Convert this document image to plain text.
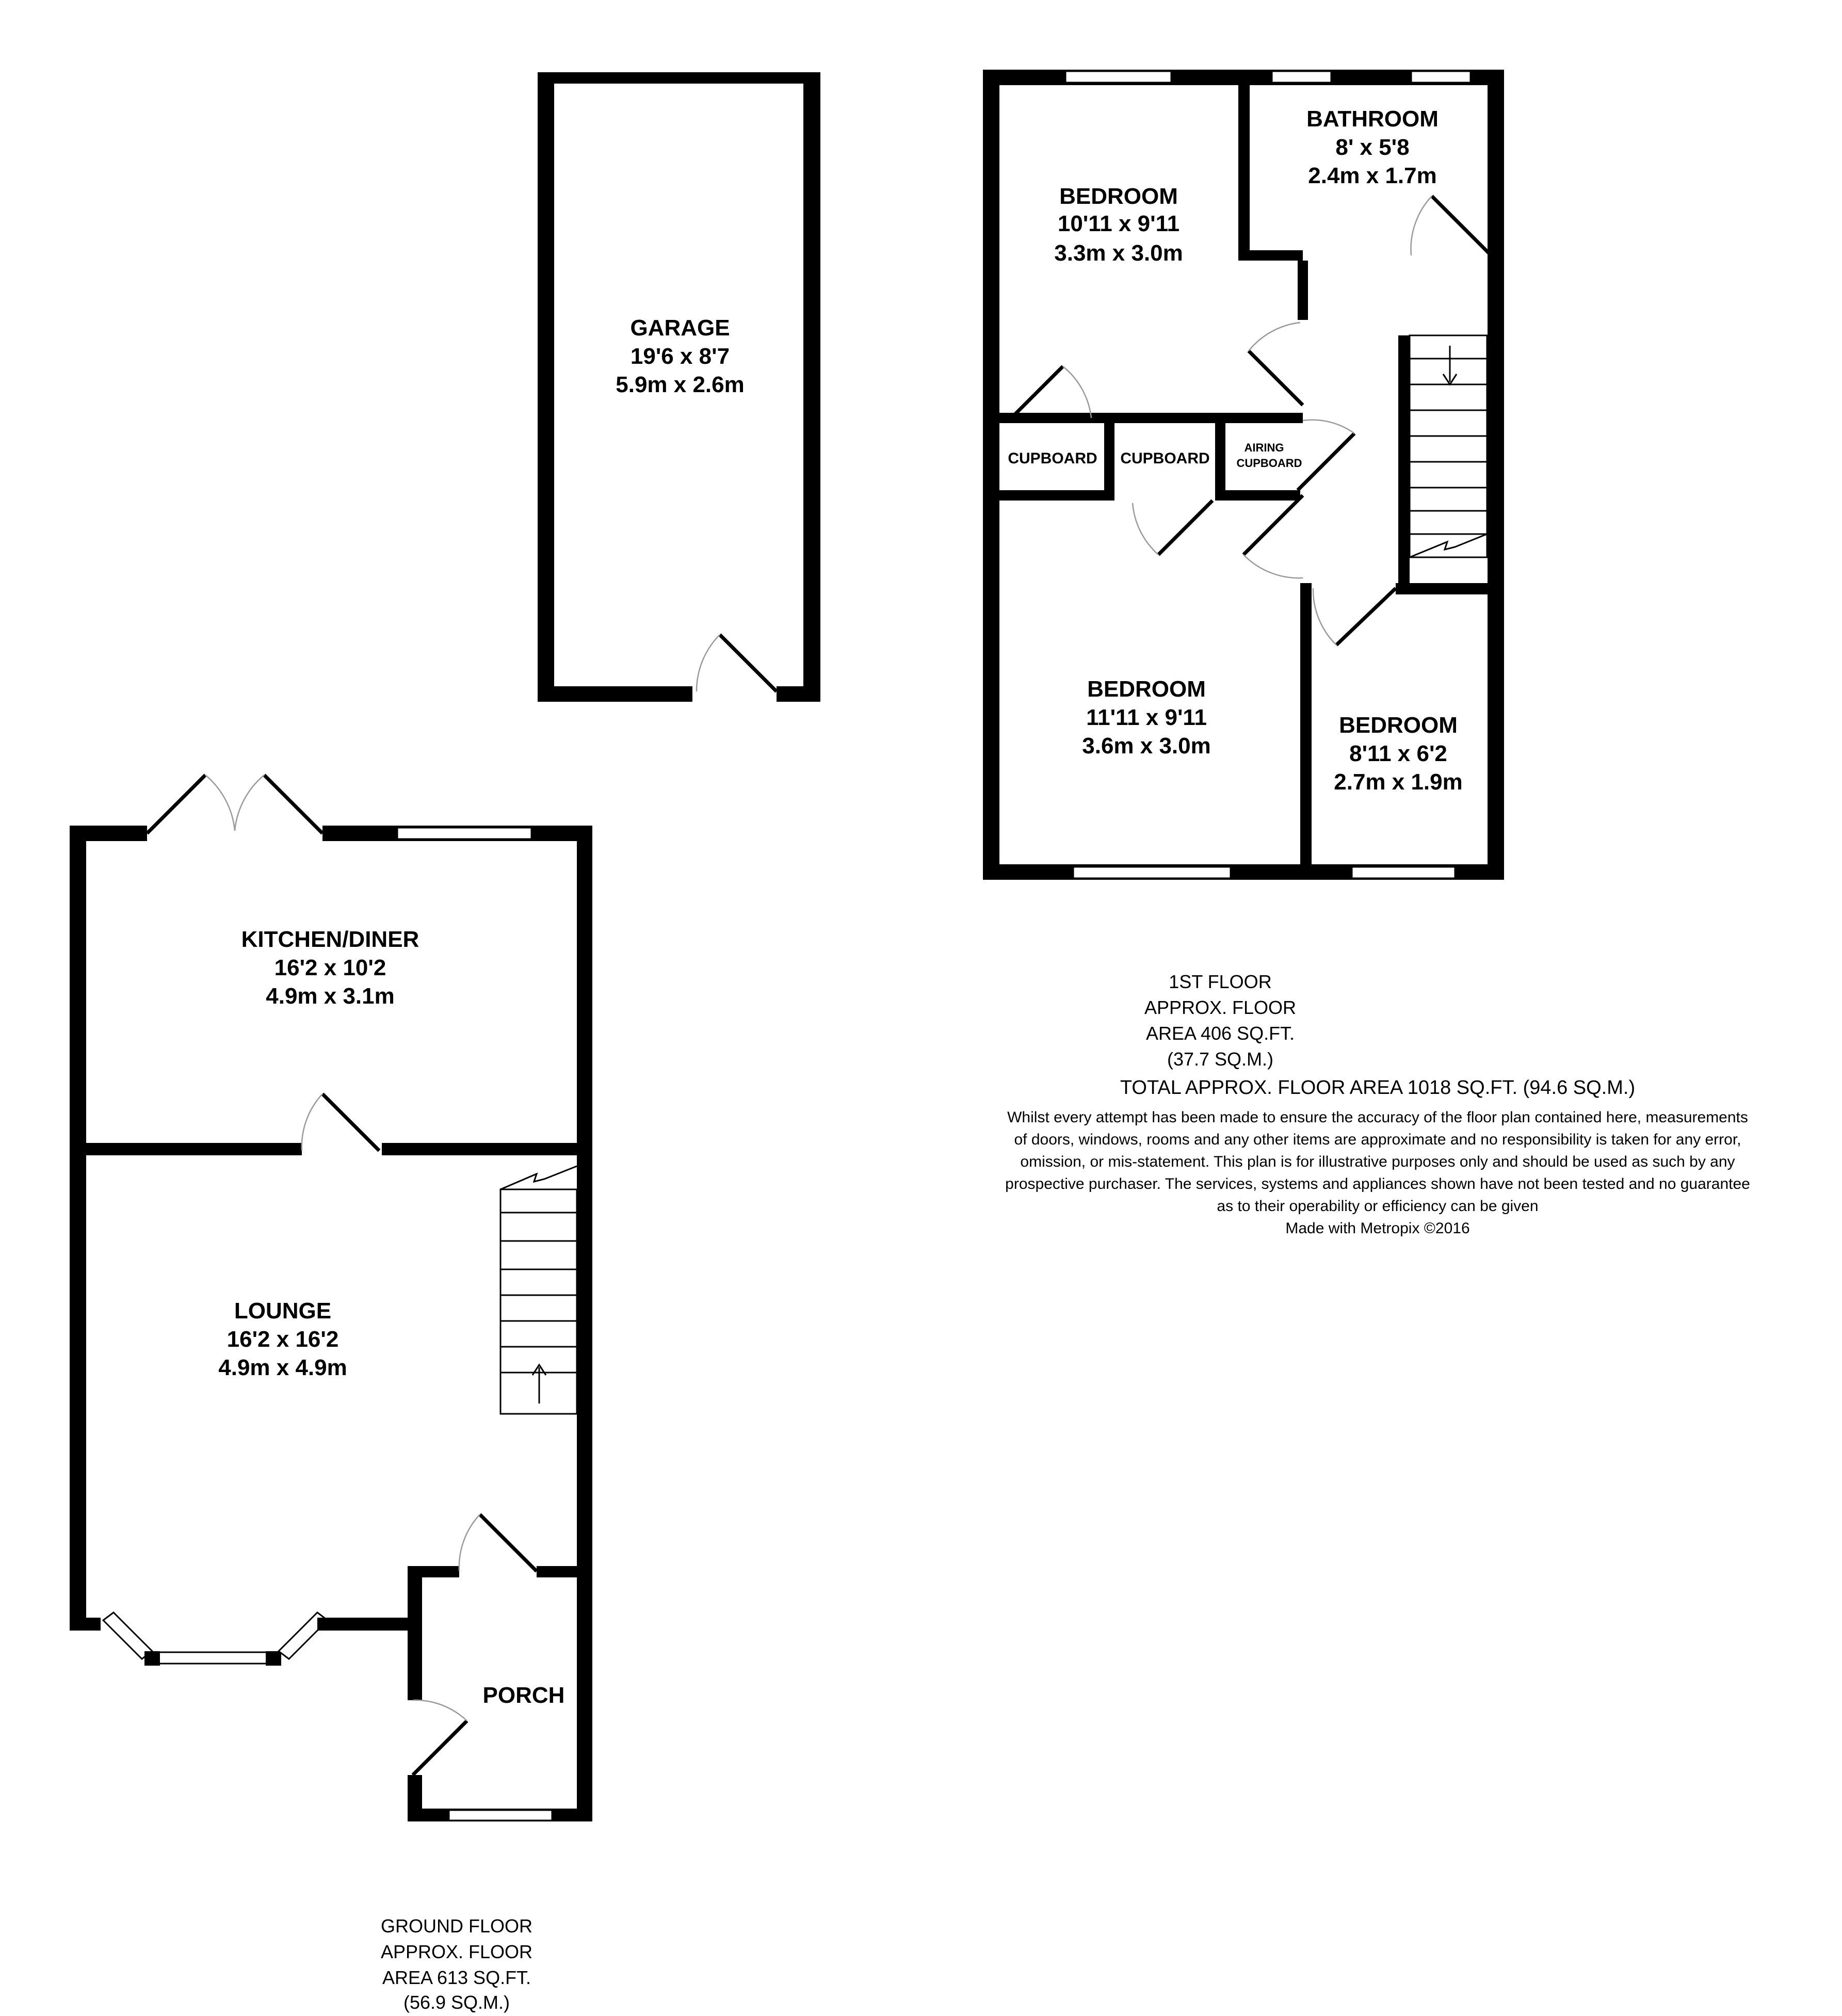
GARAGE
19'6 x 8'7
5.9m x 2.6m
BEDROOM
10'11 x 9'11
3.3m x 3.0m
BATHROOM
8' x 5'8
2.4m x 1.7m
CUPBOARD CUPBOARD
AIRING
CUPBOARD
BEDROOM
11'11 x 9'11
3.6m x 3.0m
BEDROOM
8'11 x 6'2
2.7m x 1.9m
KITCHEN/DINER
16'2 x 10'2
4.9m x 3.1m
LOUNGE
16'2 x 16'2
4.9m x 4.9m
PORCH
1ST FLOOR
APPROX. FLOOR
AREA 406 SQ.FT.
(37.7 SQ.M.)
TOTAL APPROX. FLOOR AREA 1018 SQ.FT. (94.6 SQ.M.)
Whilst every attempt has been made to ensure the accuracy of the floor plan contained here, measurements
of doors, windows, rooms and any other items are approximate and no responsibility is taken for any error,
omission, or mis-statement. This plan is for illustrative purposes only and should be used as such by any
prospective purchaser. The services, systems and appliances shown have not been tested and no guarantee
as to their operability or efficiency can be given
Made with Metropix ©2016
GROUND FLOOR
APPROX. FLOOR
AREA 613 SQ.FT.
(56.9 SQ.M.)
